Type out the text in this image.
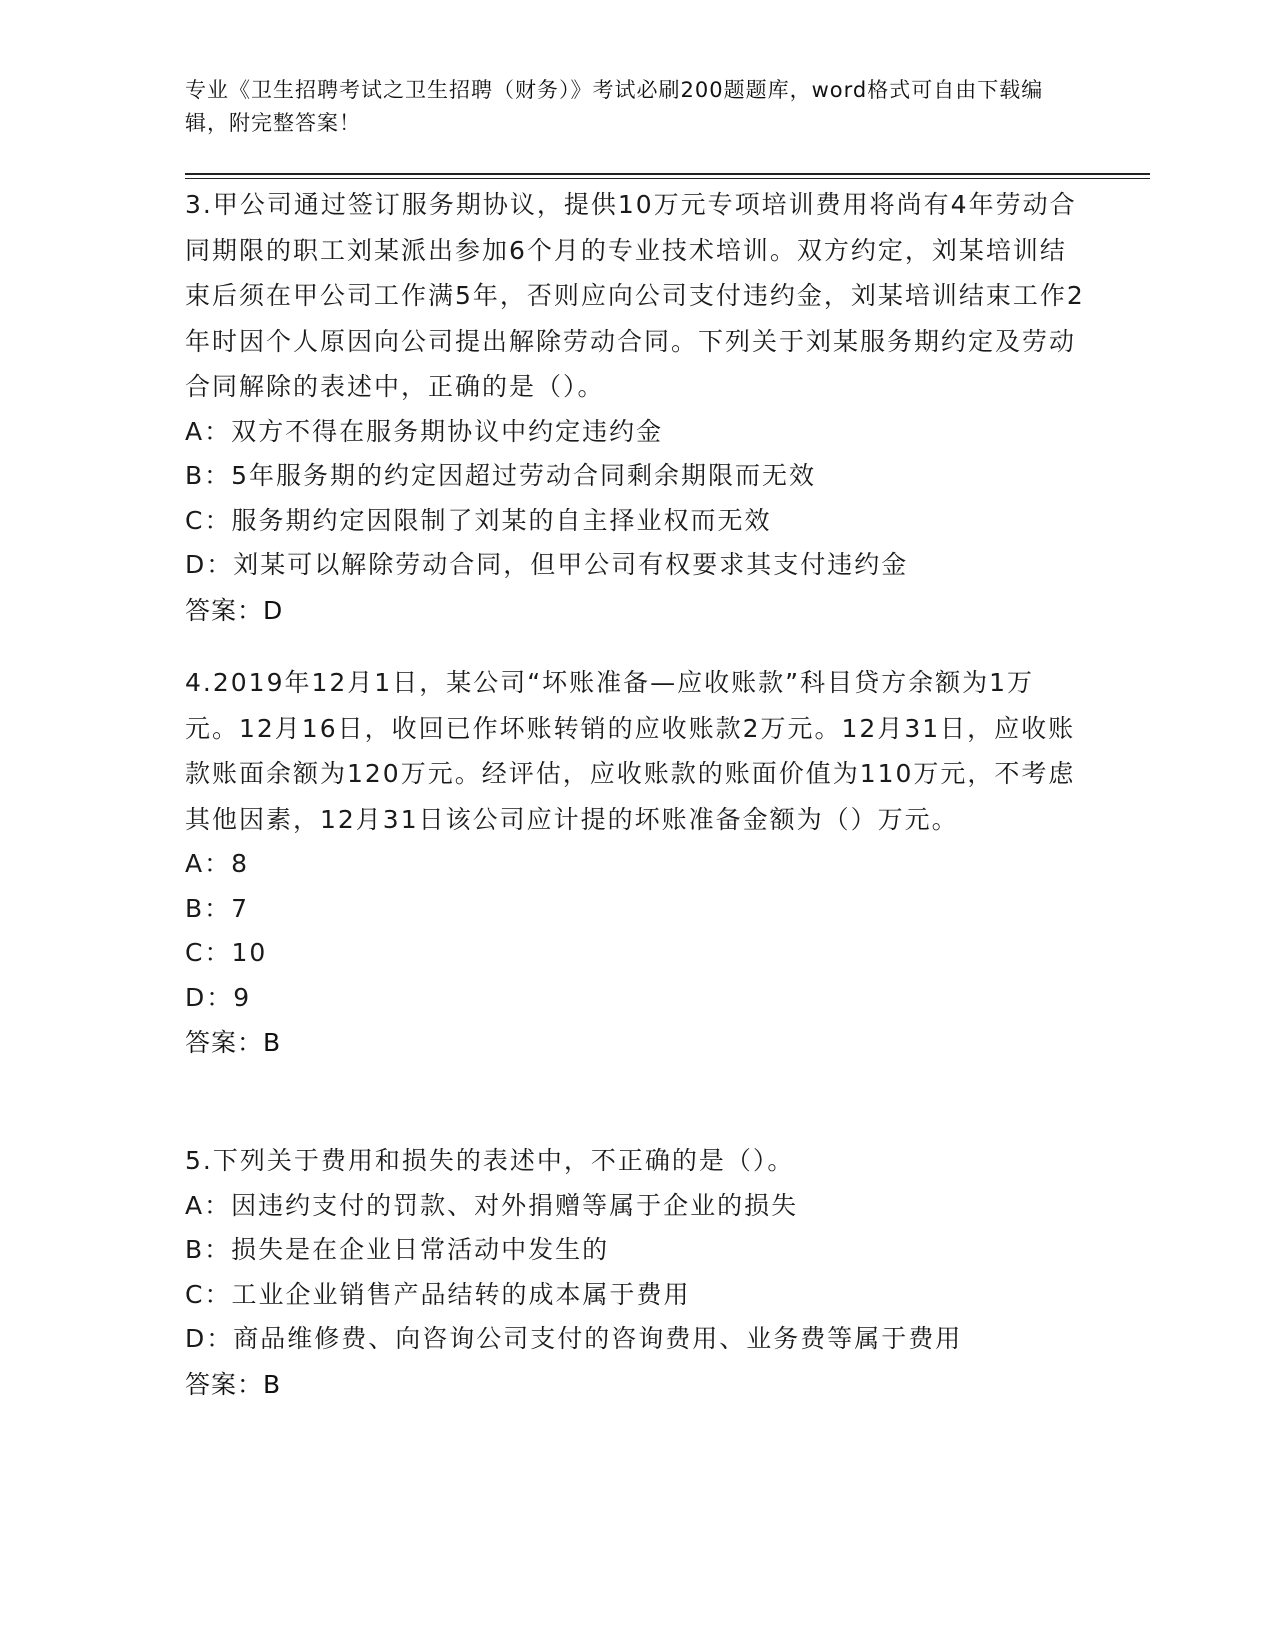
专业《卫生招聘考试之卫生招聘（财务）》考试必刷200题题库，word格式可自由下载编辑，附完整答案！

3.甲公司通过签订服务期协议，提供10万元专项培训费用将尚有4年劳动合同期限的职工刘某派出参加6个月的专业技术培训。双方约定，刘某培训结束后须在甲公司工作满5年，否则应向公司支付违约金，刘某培训结束工作2年时因个人原因向公司提出解除劳动合同。下列关于刘某服务期约定及劳动合同解除的表述中，正确的是（）。

A：双方不得在服务期协议中约定违约金

B：5年服务期的约定因超过劳动合同剩余期限而无效

C：服务期约定因限制了刘某的自主择业权而无效

D：刘某可以解除劳动合同，但甲公司有权要求其支付违约金

答案：D

4.2019年12月1日，某公司“坏账准备—应收账款”科目贷方余额为1万元。12月16日，收回已作坏账转销的应收账款2万元。12月31日，应收账款账面余额为120万元。经评估，应收账款的账面价值为110万元，不考虑其他因素，12月31日该公司应计提的坏账准备金额为（）万元。

A：8

B：7

C：10

D：9

答案：B

5.下列关于费用和损失的表述中，不正确的是（）。

A：因违约支付的罚款、对外捐赠等属于企业的损失

B：损失是在企业日常活动中发生的

C：工业企业销售产品结转的成本属于费用

D：商品维修费、向咨询公司支付的咨询费用、业务费等属于费用

答案：B
